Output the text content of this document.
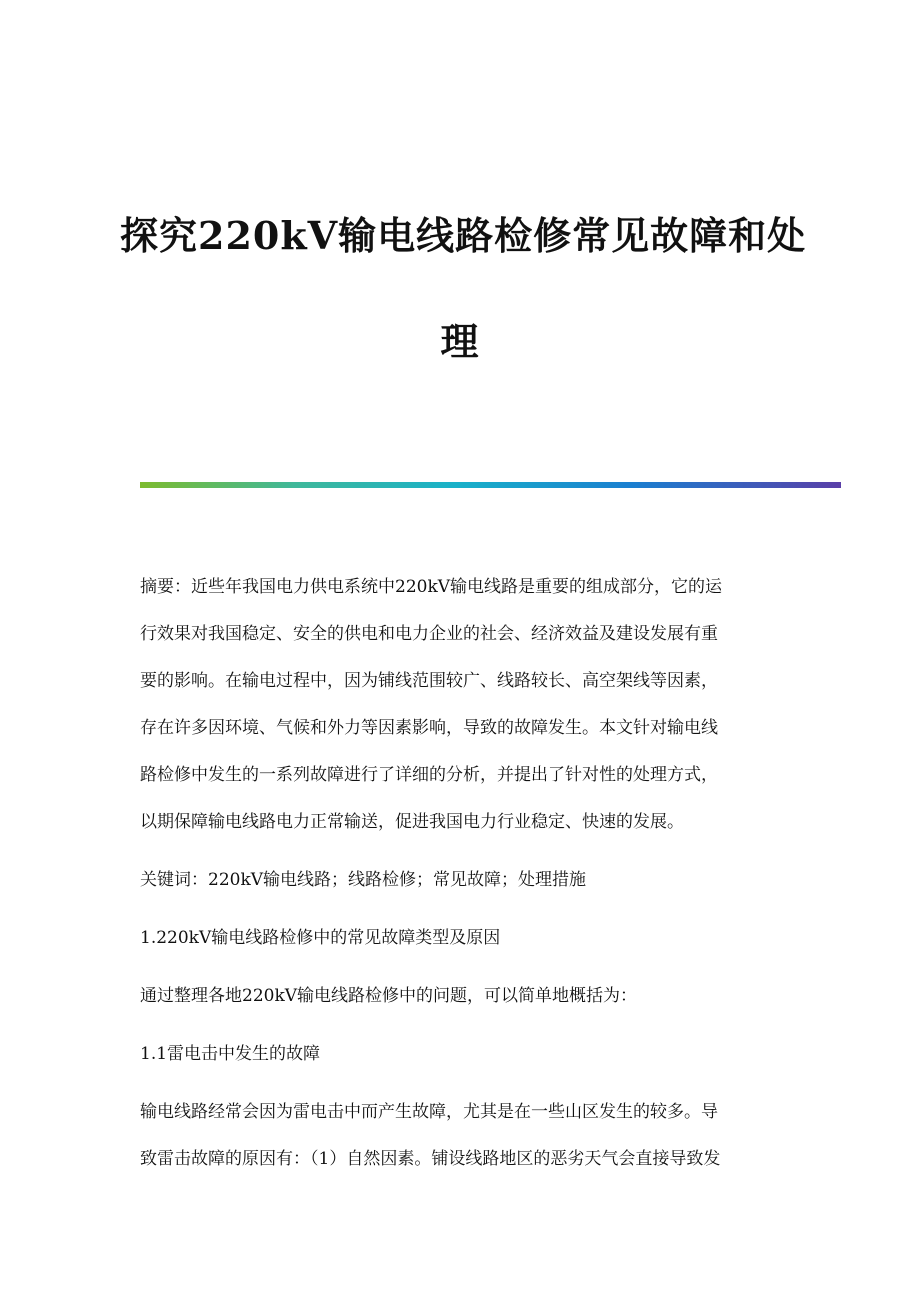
探究220kV输电线路检修常见故障和处
理

摘要：近些年我国电力供电系统中220kV输电线路是重要的组成部分，它的运

行效果对我国稳定、安全的供电和电力企业的社会、经济效益及建设发展有重

要的影响。在输电过程中，因为铺线范围较广、线路较长、高空架线等因素，

存在许多因环境、气候和外力等因素影响，导致的故障发生。本文针对输电线

路检修中发生的一系列故障进行了详细的分析，并提出了针对性的处理方式，

以期保障输电线路电力正常输送，促进我国电力行业稳定、快速的发展。

关键词：220kV输电线路；线路检修；常见故障；处理措施

1.220kV输电线路检修中的常见故障类型及原因

通过整理各地220kV输电线路检修中的问题，可以简单地概括为：

1.1雷电击中发生的故障

输电线路经常会因为雷电击中而产生故障，尤其是在一些山区发生的较多。导

致雷击故障的原因有：（1）自然因素。铺设线路地区的恶劣天气会直接导致发
